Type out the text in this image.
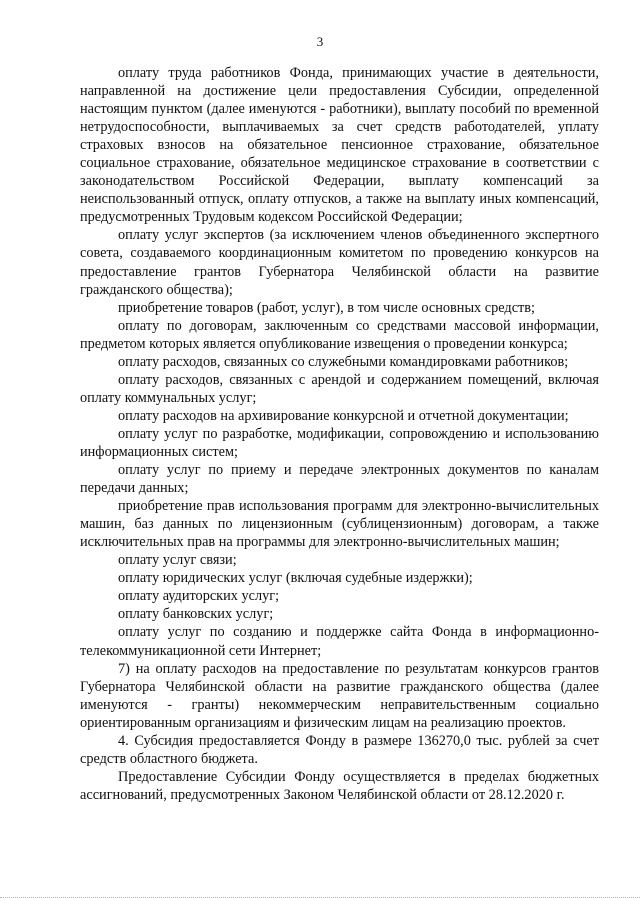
3

оплату труда работников Фонда, принимающих участие в деятельности, направленной на достижение цели предоставления Субсидии, определенной настоящим пунктом (далее именуются - работники), выплату пособий по временной нетрудоспособности, выплачиваемых за счет средств работодателей, уплату страховых взносов на обязательное пенсионное страхование, обязательное социальное страхование, обязательное медицинское страхование в соответствии с законодательством Российской Федерации, выплату компенсаций за неиспользованный отпуск, оплату отпусков, а также на выплату иных компенсаций, предусмотренных Трудовым кодексом Российской Федерации;

оплату услуг экспертов (за исключением членов объединенного экспертного совета, создаваемого координационным комитетом по проведению конкурсов на предоставление грантов Губернатора Челябинской области на развитие гражданского общества);

приобретение товаров (работ, услуг), в том числе основных средств;

оплату по договорам, заключенным со средствами массовой информации, предметом которых является опубликование извещения о проведении конкурса;

оплату расходов, связанных со служебными командировками работников;

оплату расходов, связанных с арендой и содержанием помещений, включая оплату коммунальных услуг;

оплату расходов на архивирование конкурсной и отчетной документации;

оплату услуг по разработке, модификации, сопровождению и использованию информационных систем;

оплату услуг по приему и передаче электронных документов по каналам передачи данных;

приобретение прав использования программ для электронно-вычислительных машин, баз данных по лицензионным (сублицензионным) договорам, а также исключительных прав на программы для электронно-вычислительных машин;

оплату услуг связи;

оплату юридических услуг (включая судебные издержки);

оплату аудиторских услуг;

оплату банковских услуг;

оплату услуг по созданию и поддержке сайта Фонда в информационно-телекоммуникационной сети Интернет;

7) на оплату расходов на предоставление по результатам конкурсов грантов Губернатора Челябинской области на развитие гражданского общества (далее именуются - гранты) некоммерческим неправительственным социально ориентированным организациям и физическим лицам на реализацию проектов.

4. Субсидия предоставляется Фонду в размере 136270,0 тыс. рублей за счет средств областного бюджета.

Предоставление Субсидии Фонду осуществляется в пределах бюджетных ассигнований, предусмотренных Законом Челябинской области от 28.12.2020 г.
